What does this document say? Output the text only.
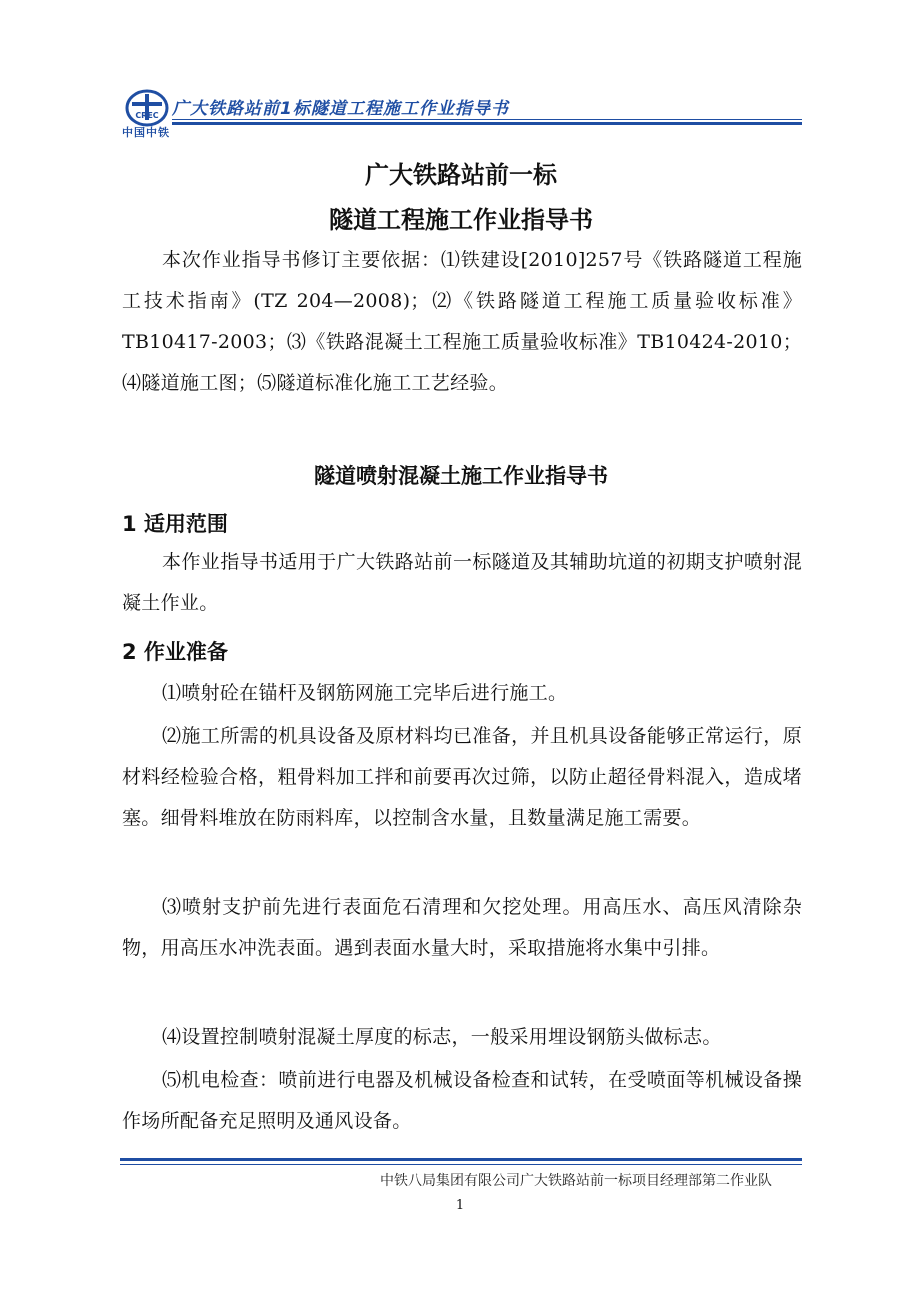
CREC
中国中铁
广大铁路站前1标隧道工程施工作业指导书
广大铁路站前一标
隧道工程施工作业指导书

本次作业指导书修订主要依据：⑴铁建设[2010]257号《铁路隧道工程施工技术指南》(TZ 204—2008)；⑵《铁路隧道工程施工质量验收标准》TB10417-2003；⑶《铁路混凝土工程施工质量验收标准》TB10424-2010；⑷隧道施工图；⑸隧道标准化施工工艺经验。

隧道喷射混凝土施工作业指导书
1 适用范围

本作业指导书适用于广大铁路站前一标隧道及其辅助坑道的初期支护喷射混凝土作业。

2 作业准备

⑴喷射砼在锚杆及钢筋网施工完毕后进行施工。

⑵施工所需的机具设备及原材料均已准备，并且机具设备能够正常运行，原材料经检验合格，粗骨料加工拌和前要再次过筛，以防止超径骨料混入，造成堵塞。细骨料堆放在防雨料库，以控制含水量，且数量满足施工需要。

⑶喷射支护前先进行表面危石清理和欠挖处理。用高压水、高压风清除杂物，用高压水冲洗表面。遇到表面水量大时，采取措施将水集中引排。

⑷设置控制喷射混凝土厚度的标志，一般采用埋设钢筋头做标志。

⑸机电检查：喷前进行电器及机械设备检查和试转，在受喷面等机械设备操作场所配备充足照明及通风设备。

中铁八局集团有限公司广大铁路站前一标项目经理部第二作业队
1
